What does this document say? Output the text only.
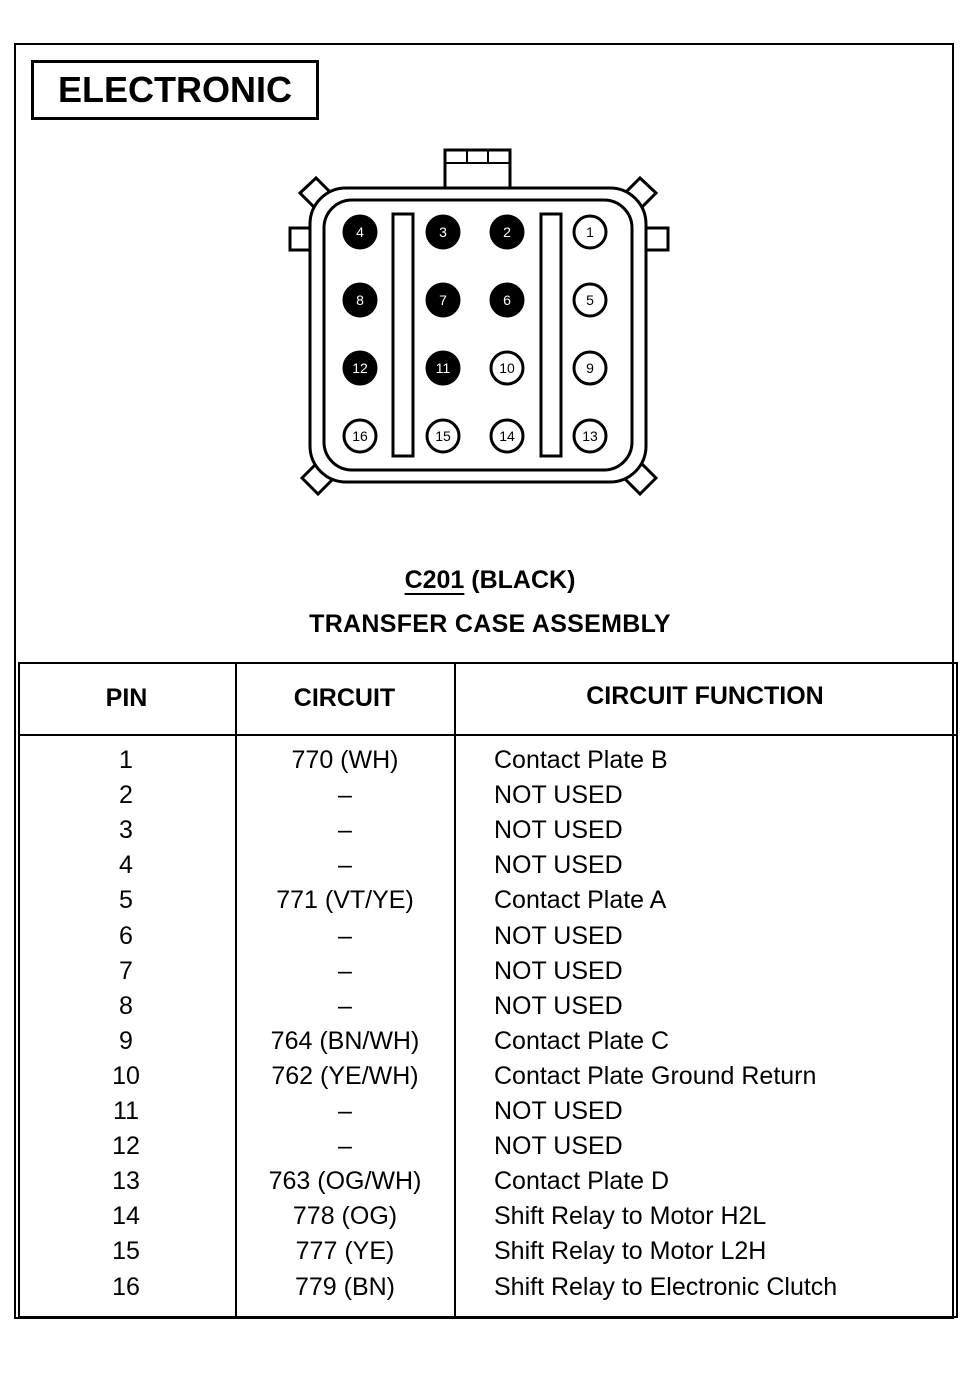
ELECTRONIC
4	3	2	1
8	7	6	5
12	11	10	9
16	15	14	13
C201 (BLACK)
TRANSFER CASE ASSEMBLY
PIN	CIRCUIT	CIRCUIT FUNCTION
1	770 (WH)	Contact Plate B
2	–	NOT USED
3	–	NOT USED
4	–	NOT USED
5	771 (VT/YE)	Contact Plate A
6	–	NOT USED
7	–	NOT USED
8	–	NOT USED
9	764 (BN/WH)	Contact Plate C
10	762 (YE/WH)	Contact Plate Ground Return
11	–	NOT USED
12	–	NOT USED
13	763 (OG/WH)	Contact Plate D
14	778 (OG)	Shift Relay to Motor H2L
15	777 (YE)	Shift Relay to Motor L2H
16	779 (BN)	Shift Relay to Electronic Clutch
